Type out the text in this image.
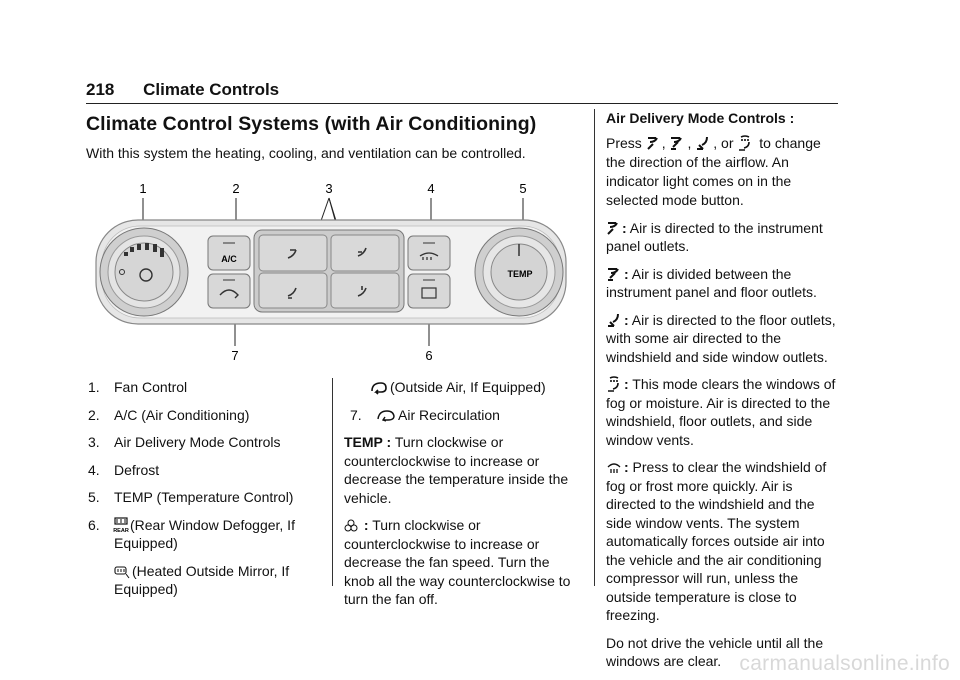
218 Climate Controls
Climate Control Systems (with Air Conditioning)
With this system the heating, cooling, and ventilation can be controlled.
1	2	3	4	5
6
7
A/C
TEMP
1.	Fan Control
2.	A/C (Air Conditioning)
3.	Air Delivery Mode Controls
4.	Defrost
5.	TEMP (Temperature Control)
6.	REAR (Rear Window Defogger, If Equipped)
(Heated Outside Mirror, If Equipped)
(Outside Air, If Equipped)
7.	Air Recirculation

TEMP : Turn clockwise or counterclockwise to increase or decrease the temperature inside the vehicle.

: Turn clockwise or counterclockwise to increase or decrease the fan speed. Turn the knob all the way counterclockwise to turn the fan off.

Air Delivery Mode Controls :

Press , , , or to change the direction of the airflow. An indicator light comes on in the selected mode button.

: Air is directed to the instrument panel outlets.

: Air is divided between the instrument panel and floor outlets.

: Air is directed to the floor outlets, with some air directed to the windshield and side window outlets.

: This mode clears the windows of fog or moisture. Air is directed to the windshield, floor outlets, and side window vents.

: Press to clear the windshield of fog or frost more quickly. Air is directed to the windshield and the side window vents. The system automatically forces outside air into the vehicle and the air conditioning compressor will run, unless the outside temperature is close to freezing.

Do not drive the vehicle until all the windows are clear. carmanualsonline.info
